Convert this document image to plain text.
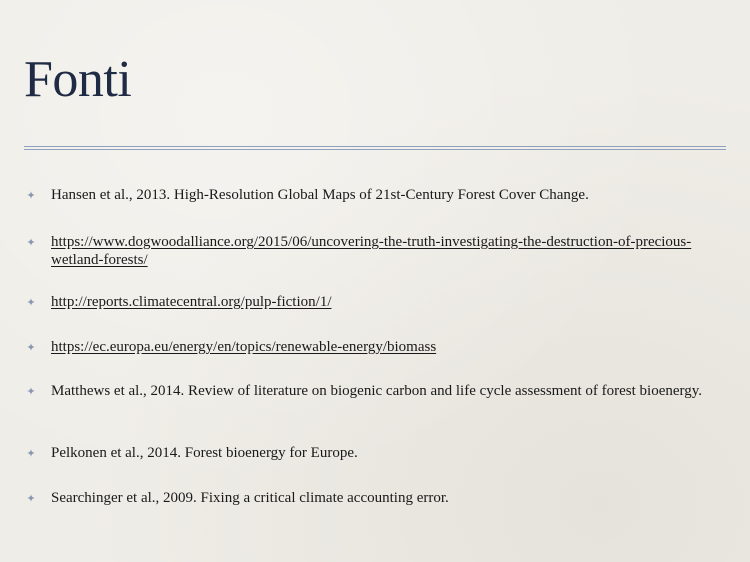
Fonti
✦ Hansen et al., 2013. High-Resolution Global Maps of 21st-Century Forest Cover Change.
✦ https://www.dogwoodalliance.org/2015/06/uncovering-the-truth-investigating-the-destruction-of-precious-wetland-forests/
✦ http://reports.climatecentral.org/pulp-fiction/1/
✦ https://ec.europa.eu/energy/en/topics/renewable-energy/biomass
✦ Matthews et al., 2014. Review of literature on biogenic carbon and life cycle assessment of forest bioenergy.
✦ Pelkonen et al., 2014. Forest bioenergy for Europe.
✦ Searchinger et al., 2009. Fixing a critical climate accounting error.
